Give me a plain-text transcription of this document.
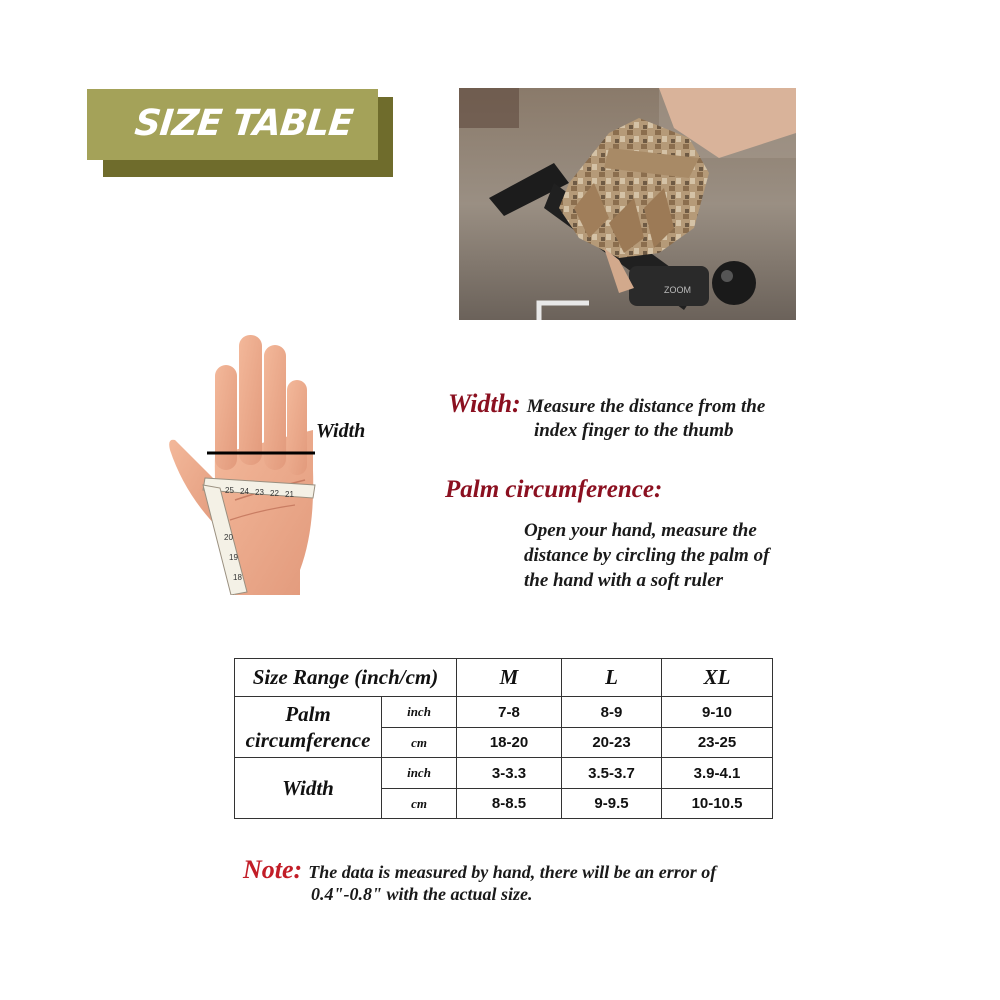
SIZE TABLE
ZOOM
25 24 23 22 21
20
19
18
Width
Width: Measure the distance from the
index finger to the thumb
Palm circumference:
Open your hand, measure the
distance by circling the palm of
the hand with a soft ruler
Size Range (inch/cm)		M	L	XL
Palm
circumference	inch	7-8	8-9	9-10
	cm	18-20	20-23	23-25
Width	inch	3-3.3	3.5-3.7	3.9-4.1
	cm	8-8.5	9-9.5	10-10.5
Note: The data is measured by hand, there will be an error of
0.4"-0.8" with the actual size.
